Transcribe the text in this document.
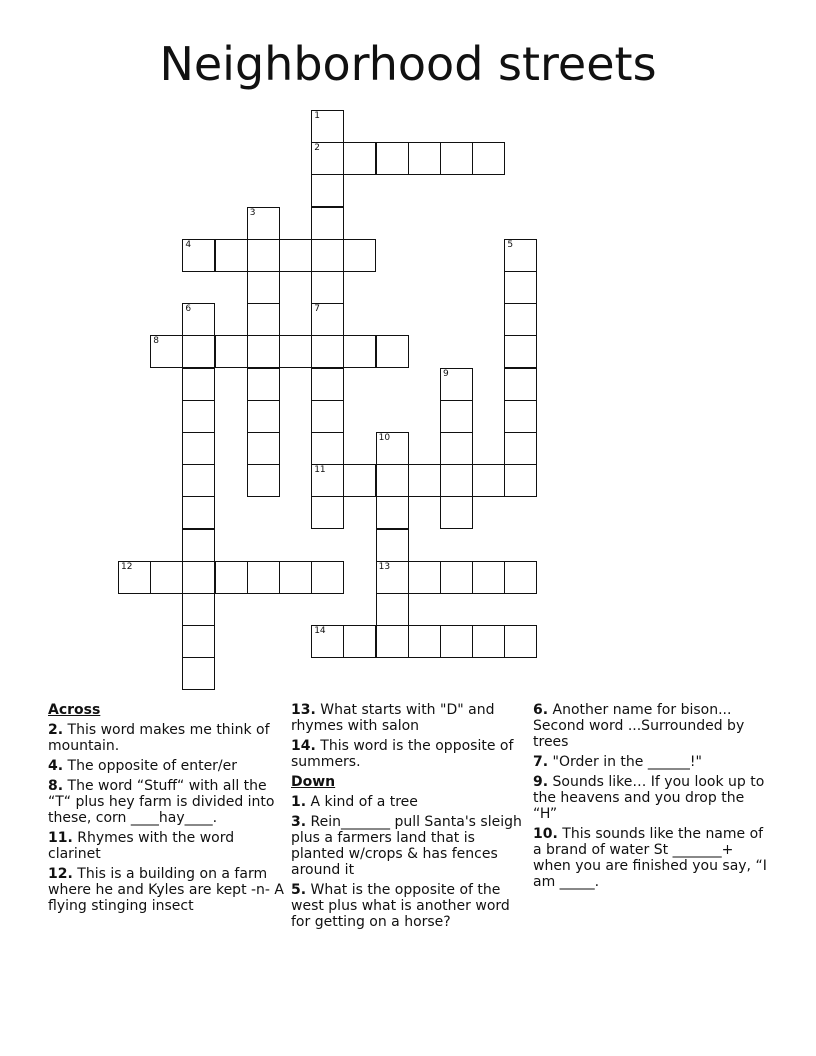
Neighborhood streets
1
2
3
4	5
6	7
11
8
9
10
13
12
14
Across
2. This word makes me think of mountain.
4. The opposite of enter/er
8. The word “Stuff“ with all the “T“ plus hey farm is divided into these, corn ____hay____.
11. Rhymes with the word clarinet
12. This is a building on a farm where he and Kyles are kept -n- A flying stinging insect
13. What starts with "D" and rhymes with salon
14. This word is the opposite of summers.
Down
1. A kind of a tree
3. Rein_______ pull Santa's sleigh plus a farmers land that is planted w/crops & has fences around it
5. What is the opposite of the west plus what is another word for getting on a horse?
6. Another name for bison... Second word ...Surrounded by trees
7. "Order in the ______!"
9. Sounds like… If you look up to the heavens and you drop the “H”
10. This sounds like the name of a brand of water St _______+ when you are finished you say, “I am _____.
